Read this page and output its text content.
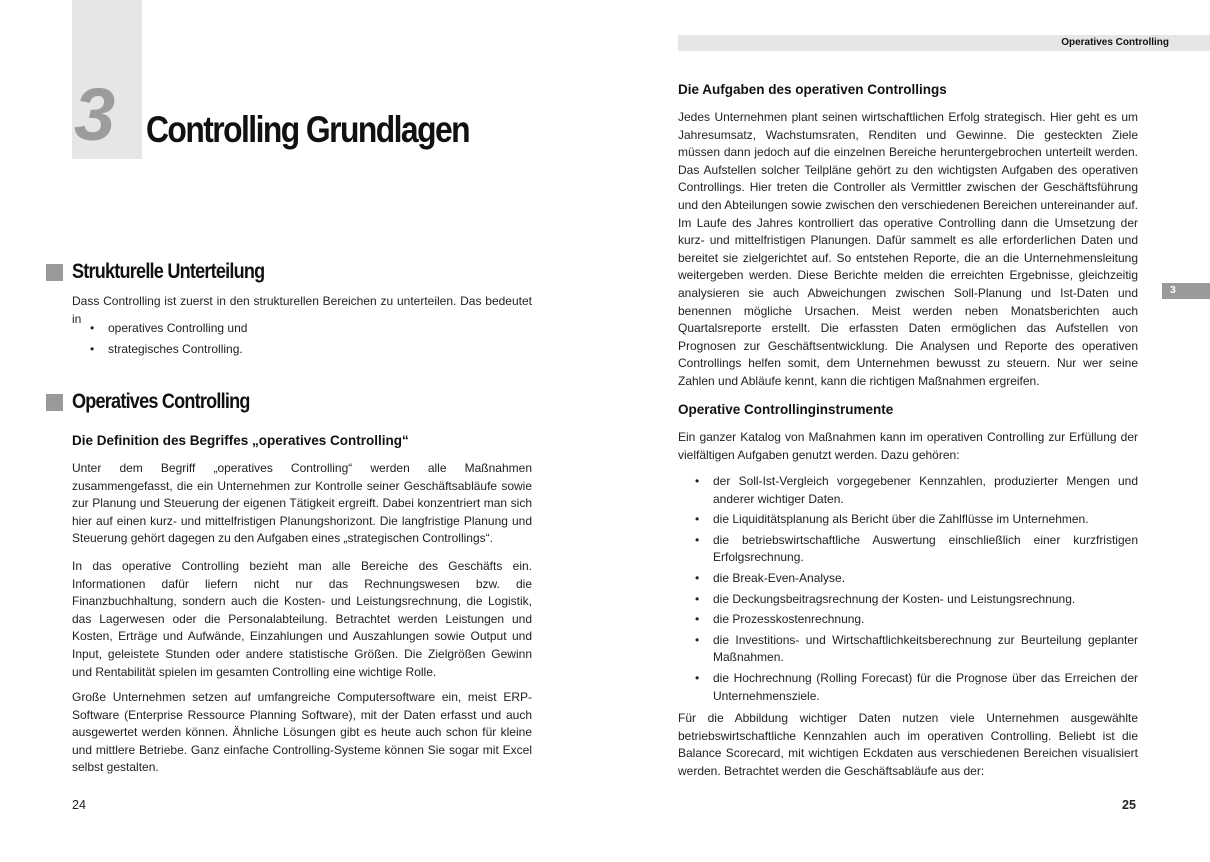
3 Controlling Grundlagen
Strukturelle Unterteilung

Dass Controlling ist zuerst in den strukturellen Bereichen zu unterteilen. Das bedeutet in

• operatives Controlling und
• strategisches Controlling.
Operatives Controlling
Die Definition des Begriffes „operatives Controlling“

Unter dem Begriff „operatives Controlling“ werden alle Maßnahmen zusammengefasst, die ein Unternehmen zur Kontrolle seiner Geschäftsabläufe sowie zur Planung und Steuerung der eigenen Tätigkeit ergreift. Dabei konzentriert man sich hier auf einen kurz- und mittelfristigen Planungshorizont. Die langfristige Planung und Steuerung gehört dagegen zu den Aufgaben eines „strategischen Controllings“.

In das operative Controlling bezieht man alle Bereiche des Geschäfts ein. Informationen dafür liefern nicht nur das Rechnungswesen bzw. die Finanzbuchhaltung, sondern auch die Kosten- und Leistungsrechnung, die Logistik, das Lagerwesen oder die Personalabteilung. Betrachtet werden Leistungen und Kosten, Erträge und Aufwände, Einzahlungen und Auszahlungen sowie Output und Input, geleistete Stunden oder andere statistische Größen. Die Zielgrößen Gewinn und Rentabilität spielen im gesamten Controlling eine wichtige Rolle.

Große Unternehmen setzen auf umfangreiche Computersoftware ein, meist ERP-Software (Enterprise Ressource Planning Software), mit der Daten erfasst und auch ausgewertet werden können. Ähnliche Lösungen gibt es heute auch schon für kleine und mittlere Betriebe. Ganz einfache Controlling-Systeme können Sie sogar mit Excel selbst gestalten.

24
Operatives Controlling
3
Die Aufgaben des operativen Controllings

Jedes Unternehmen plant seinen wirtschaftlichen Erfolg strategisch. Hier geht es um Jahresumsatz, Wachstumsraten, Renditen und Gewinne. Die gesteckten Ziele müssen dann jedoch auf die einzelnen Bereiche heruntergebrochen unterteilt werden. Das Aufstellen solcher Teilpläne gehört zu den wichtigsten Aufgaben des operativen Controllings. Hier treten die Controller als Vermittler zwischen der Geschäftsführung und den Abteilungen sowie zwischen den verschiedenen Bereichen untereinander auf. Im Laufe des Jahres kontrolliert das operative Controlling dann die Umsetzung der kurz- und mittelfristigen Planungen. Dafür sammelt es alle erforderlichen Daten und bereitet sie zielgerichtet auf. So entstehen Reporte, die an die Unternehmensleitung weitergeben werden. Diese Berichte melden die erreichten Ergebnisse, gleichzeitig analysieren sie auch Abweichungen zwischen Soll-Planung und Ist-Daten und benennen mögliche Ursachen. Meist werden neben Monatsberichten auch Quartalsreporte erstellt. Die erfassten Daten ermöglichen das Aufstellen von Prognosen zur Geschäftsentwicklung. Die Analysen und Reporte des operativen Controllings helfen somit, dem Unternehmen bewusst zu steuern. Nur wer seine Zahlen und Abläufe kennt, kann die richtigen Maßnahmen ergreifen.

Operative Controllinginstrumente

Ein ganzer Katalog von Maßnahmen kann im operativen Controlling zur Erfüllung der vielfältigen Aufgaben genutzt werden. Dazu gehören:

• der Soll-Ist-Vergleich vorgegebener Kennzahlen, produzierter Mengen und anderer wichtiger Daten.
• die Liquiditätsplanung als Bericht über die Zahlflüsse im Unternehmen.
• die betriebswirtschaftliche Auswertung einschließlich einer kurzfristigen Erfolgsrechnung.
• die Break-Even-Analyse.
• die Deckungsbeitragsrechnung der Kosten- und Leistungsrechnung.
• die Prozesskostenrechnung.
• die Investitions- und Wirtschaftlichkeitsberechnung zur Beurteilung geplanter Maßnahmen.
• die Hochrechnung (Rolling Forecast) für die Prognose über das Erreichen der Unternehmensziele.

Für die Abbildung wichtiger Daten nutzen viele Unternehmen ausgewählte betriebswirtschaftliche Kennzahlen auch im operativen Controlling. Beliebt ist die Balance Scorecard, mit wichtigen Eckdaten aus verschiedenen Bereichen visualisiert werden. Betrachtet werden die Geschäftsabläufe aus der:

25
